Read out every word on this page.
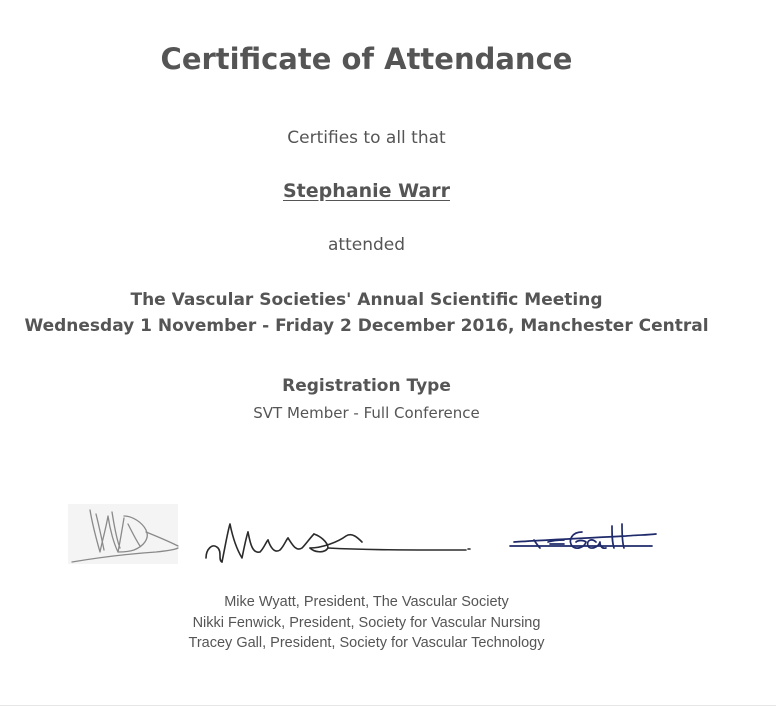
Certificate of Attendance
Certifies to all that
Stephanie Warr
attended
The Vascular Societies' Annual Scientific Meeting
Wednesday 1 November - Friday 2 December 2016, Manchester Central
Registration Type
SVT Member - Full Conference
Mike Wyatt, President, The Vascular Society
Nikki Fenwick, President, Society for Vascular Nursing
Tracey Gall, President, Society for Vascular Technology
